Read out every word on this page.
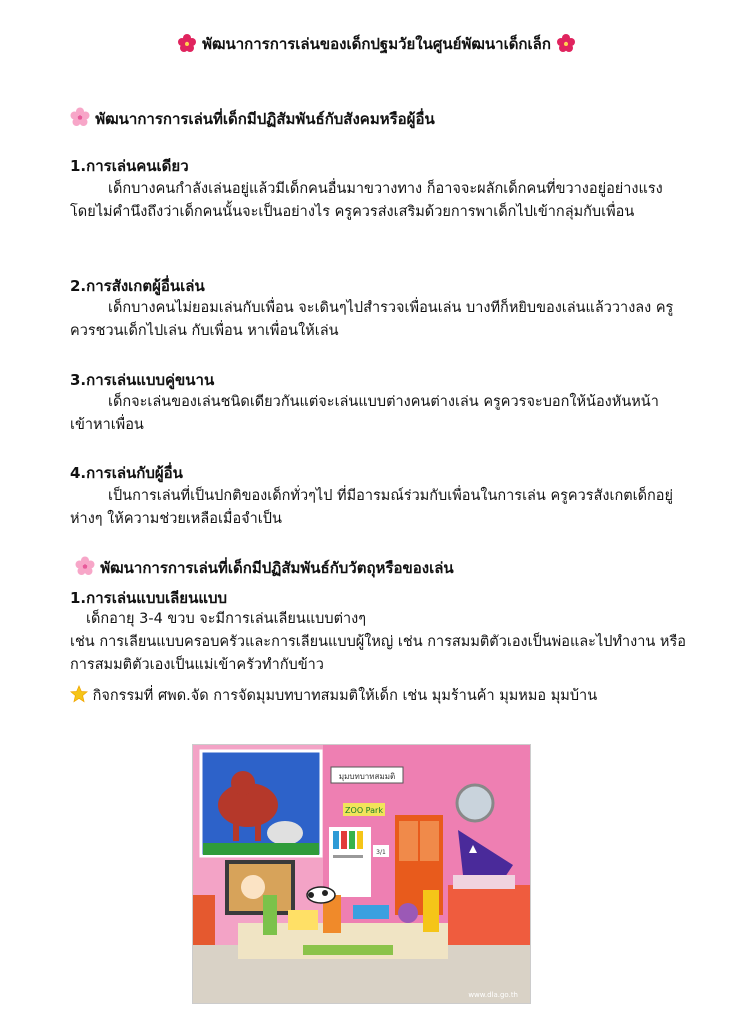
พัฒนาการการเล่นของเด็กปฐมวัยในศูนย์พัฒนาเด็กเล็ก
พัฒนาการการเล่นที่เด็กมีปฏิสัมพันธ์กับสังคมหรือผู้อื่น
1.การเล่นคนเดียว
เด็กบางคนกำลังเล่นอยู่แล้วมีเด็กคนอื่นมาขวางทาง ก็อาจจะผลักเด็กคนที่ขวางอยู่อย่างแรง โดยไม่คำนึงถึงว่าเด็กคนนั้นจะเป็นอย่างไร ครูควรส่งเสริมด้วยการพาเด็กไปเข้ากลุ่มกับเพื่อน
2.การสังเกตผู้อื่นเล่น
เด็กบางคนไม่ยอมเล่นกับเพื่อน จะเดินๆไปสำรวจเพื่อนเล่น บางทีก็หยิบของเล่นแล้ววางลง ครูควรชวนเด็กไปเล่น กับเพื่อน หาเพื่อนให้เล่น
3.การเล่นแบบคู่ขนาน
เด็กจะเล่นของเล่นชนิดเดียวกันแต่จะเล่นแบบต่างคนต่างเล่น ครูควรจะบอกให้น้องหันหน้าเข้าหาเพื่อน
4.การเล่นกับผู้อื่น
เป็นการเล่นที่เป็นปกติของเด็กทั่วๆไป ที่มีอารมณ์ร่วมกับเพื่อนในการเล่น ครูควรสังเกตเด็กอยู่ห่างๆ ให้ความช่วยเหลือเมื่อจำเป็น
พัฒนาการการเล่นที่เด็กมีปฏิสัมพันธ์กับวัตถุหรือของเล่น
1.การเล่นแบบเลียนแบบ
เด็กอายุ 3-4 ขวบ จะมีการเล่นเลียนแบบต่างๆ
เช่น การเลียนแบบครอบครัวและการเลียนแบบผู้ใหญ่ เช่น การสมมติตัวเองเป็นพ่อและไปทำงาน หรือการสมมติตัวเองเป็นแม่เข้าครัวทำกับข้าว
กิจกรรมที่ ศพด.จัด การจัดมุมบทบาทสมมติให้เด็ก เช่น มุมร้านค้า มุมหมอ มุมบ้าน
มุมบทบาทสมมติ
ZOO Park
3/1
www.dla.go.th
